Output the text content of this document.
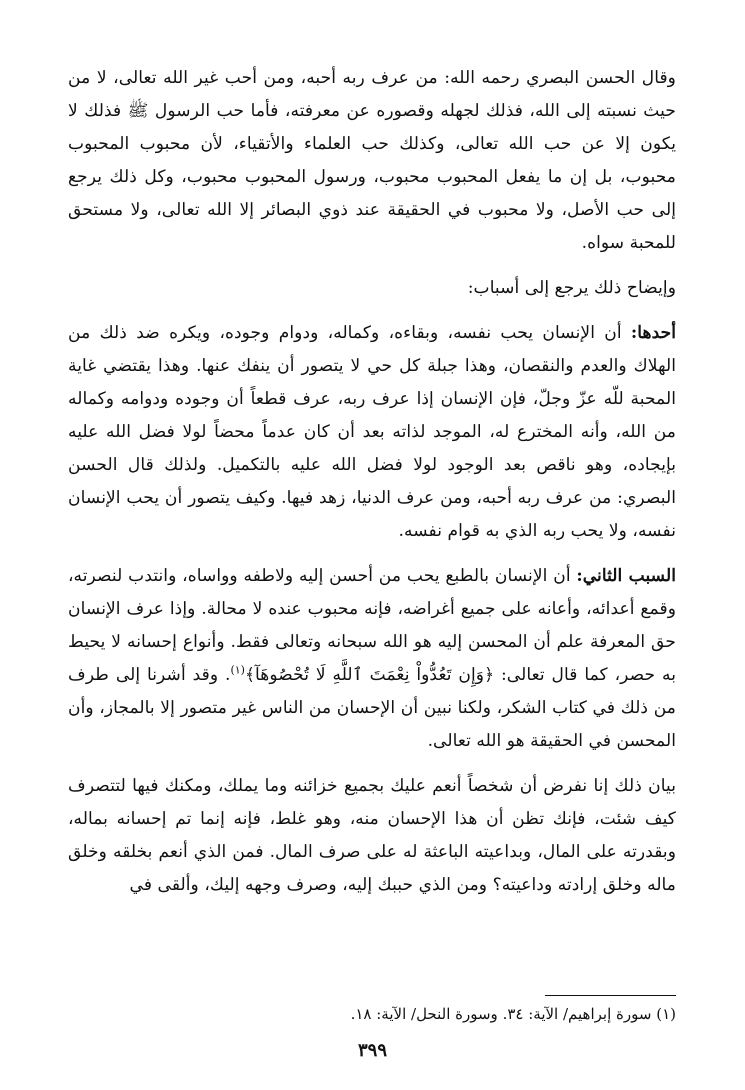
وقال الحسن البصري رحمه الله: من عرف ربه أحبه، ومن أحب غير الله تعالى، لا من حيث نسبته إلى الله، فذلك لجهله وقصوره عن معرفته، فأما حب الرسول ﷺ فذلك لا يكون إلا عن حب الله تعالى، وكذلك حب العلماء والأتقياء، لأن محبوب المحبوب محبوب، بل إن ما يفعل المحبوب محبوب، ورسول المحبوب محبوب، وكل ذلك يرجع إلى حب الأصل، ولا محبوب في الحقيقة عند ذوي البصائر إلا الله تعالى، ولا مستحق للمحبة سواه.

وإيضاح ذلك يرجع إلى أسباب:

أحدها: أن الإنسان يحب نفسه، وبقاءه، وكماله، ودوام وجوده، ويكره ضد ذلك من الهلاك والعدم والنقصان، وهذا جبلة كل حي لا يتصور أن ينفك عنها. وهذا يقتضي غاية المحبة للّه عزّ وجلّ، فإن الإنسان إذا عرف ربه، عرف قطعاً أن وجوده ودوامه وكماله من الله، وأنه المخترع له، الموجد لذاته بعد أن كان عدماً محضاً لولا فضل الله عليه بإيجاده، وهو ناقص بعد الوجود لولا فضل الله عليه بالتكميل. ولذلك قال الحسن البصري: من عرف ربه أحبه، ومن عرف الدنيا، زهد فيها. وكيف يتصور أن يحب الإنسان نفسه، ولا يحب ربه الذي به قوام نفسه.

السبب الثاني: أن الإنسان بالطبع يحب من أحسن إليه ولاطفه وواساه، وانتدب لنصرته، وقمع أعدائه، وأعانه على جميع أغراضه، فإنه محبوب عنده لا محالة. وإذا عرف الإنسان حق المعرفة علم أن المحسن إليه هو الله سبحانه وتعالى فقط. وأنواع إحسانه لا يحيط به حصر، كما قال تعالى: ﴿وَإِن تَعُدُّواْ نِعْمَتَ ٱللَّهِ لَا تُحْصُوهَآ﴾$^{(١)}$. وقد أشرنا إلى طرف من ذلك في كتاب الشكر، ولكنا نبين أن الإحسان من الناس غير متصور إلا بالمجاز، وأن المحسن في الحقيقة هو الله تعالى.

بيان ذلك إنا نفرض أن شخصاً أنعم عليك بجميع خزائنه وما يملك، ومكنك فيها لتتصرف كيف شئت، فإنك تظن أن هذا الإحسان منه، وهو غلط، فإنه إنما تم إحسانه بماله، وبقدرته على المال، وبداعيته الباعثة له على صرف المال. فمن الذي أنعم بخلقه وخلق ماله وخلق إرادته وداعيته؟ ومن الذي حببك إليه، وصرف وجهه إليك، وألقى في

(١) سورة إبراهيم/ الآية: ٣٤. وسورة النحل/ الآية: ١٨.
٣٩٩
